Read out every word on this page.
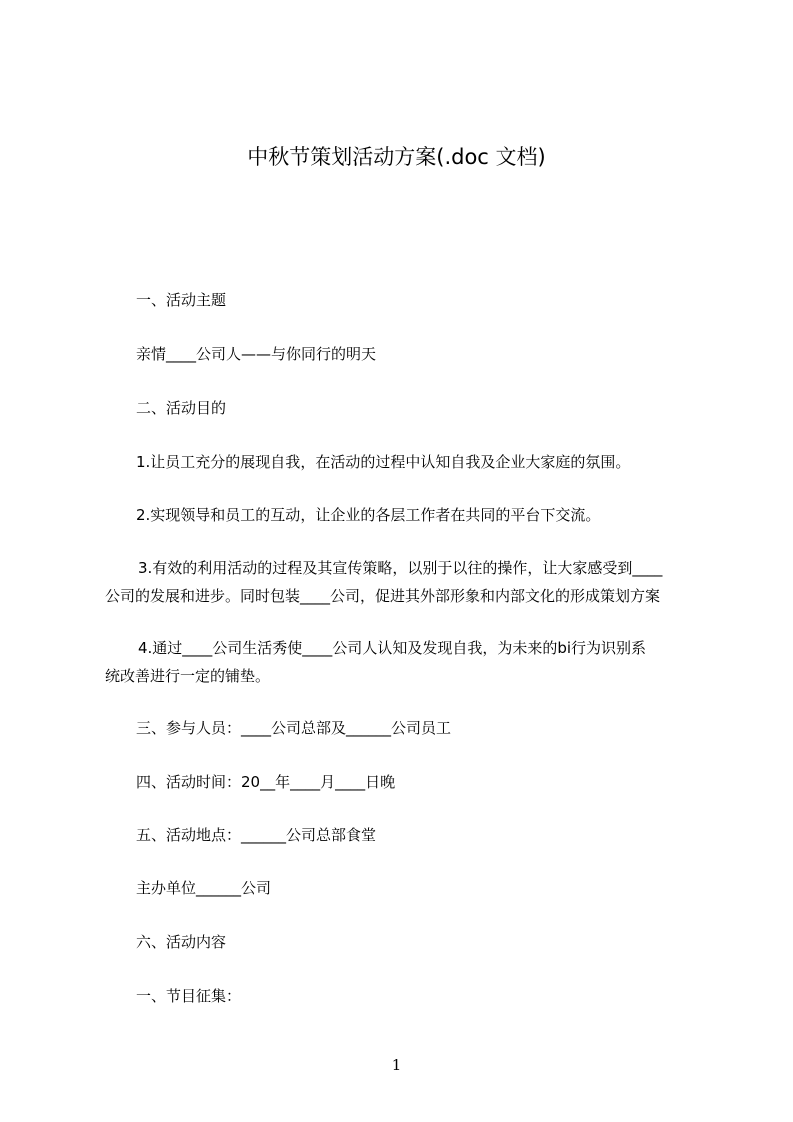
中秋节策划活动方案(.doc 文档)
一、活动主题
亲情____公司人——与你同行的明天
二、活动目的
1.让员工充分的展现自我，在活动的过程中认知自我及企业大家庭的氛围。
2.实现领导和员工的互动，让企业的各层工作者在共同的平台下交流。
3.有效的利用活动的过程及其宣传策略，以别于以往的操作，让大家感受到____
公司的发展和进步。同时包装____公司，促进其外部形象和内部文化的形成策划方案
4.通过____公司生活秀使____公司人认知及发现自我，为未来的bi行为识别系
统改善进行一定的铺垫。
三、参与人员：____公司总部及______公司员工
四、活动时间：20__年____月____日晚
五、活动地点：______公司总部食堂
主办单位______公司
六、活动内容
一、节目征集：
1
